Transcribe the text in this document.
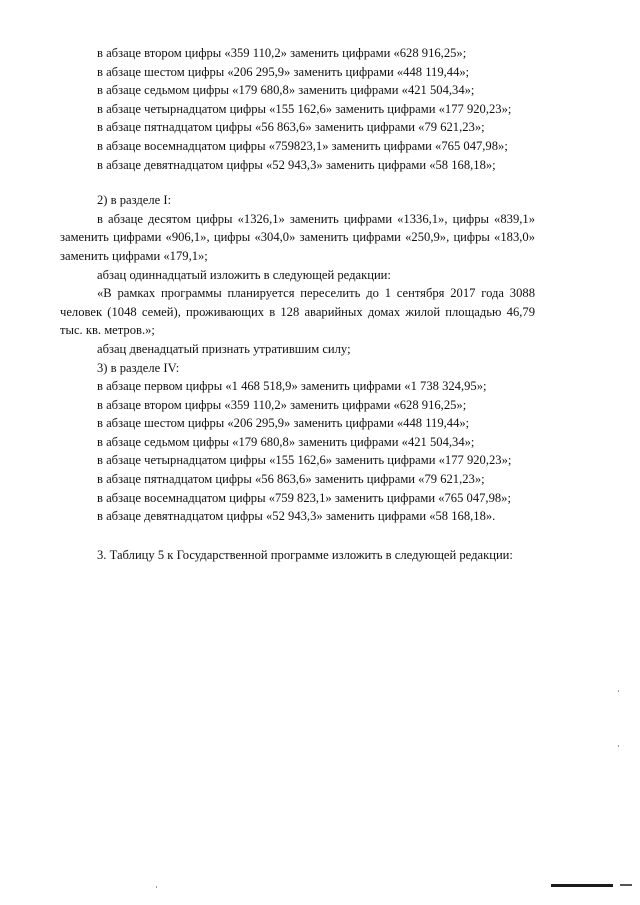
в абзаце втором цифры «359 110,2» заменить цифрами «628 916,25»;

в абзаце шестом цифры «206 295,9» заменить цифрами «448 119,44»;

в абзаце седьмом цифры «179 680,8» заменить цифрами «421 504,34»;

в абзаце четырнадцатом цифры «155 162,6» заменить цифрами «177 920,23»;

в абзаце пятнадцатом цифры «56 863,6» заменить цифрами «79 621,23»;

в абзаце восемнадцатом цифры «759823,1» заменить цифрами «765 047,98»;

в абзаце девятнадцатом цифры «52 943,3» заменить цифрами «58 168,18»;

2) в разделе I:

в абзаце десятом цифры «1326,1» заменить цифрами «1336,1», цифры «839,1» заменить цифрами «906,1», цифры «304,0» заменить цифрами «250,9», цифры «183,0» заменить цифрами «179,1»;

абзац одиннадцатый изложить в следующей редакции:

«В рамках программы планируется переселить до 1 сентября 2017 года 3088 человек (1048 семей), проживающих в 128 аварийных домах жилой площадью 46,79 тыс. кв. метров.»;

абзац двенадцатый признать утратившим силу;

3) в разделе IV:

в абзаце первом цифры «1 468 518,9» заменить цифрами «1 738 324,95»;

в абзаце втором цифры «359 110,2» заменить цифрами «628 916,25»;

в абзаце шестом цифры «206 295,9» заменить цифрами «448 119,44»;

в абзаце седьмом цифры «179 680,8» заменить цифрами «421 504,34»;

в абзаце четырнадцатом цифры «155 162,6» заменить цифрами «177 920,23»;

в абзаце пятнадцатом цифры «56 863,6» заменить цифрами «79 621,23»;

в абзаце восемнадцатом цифры «759 823,1» заменить цифрами «765 047,98»;

в абзаце девятнадцатом цифры «52 943,3» заменить цифрами «58 168,18».

3. Таблицу 5 к Государственной программе изложить в следующей редакции:
